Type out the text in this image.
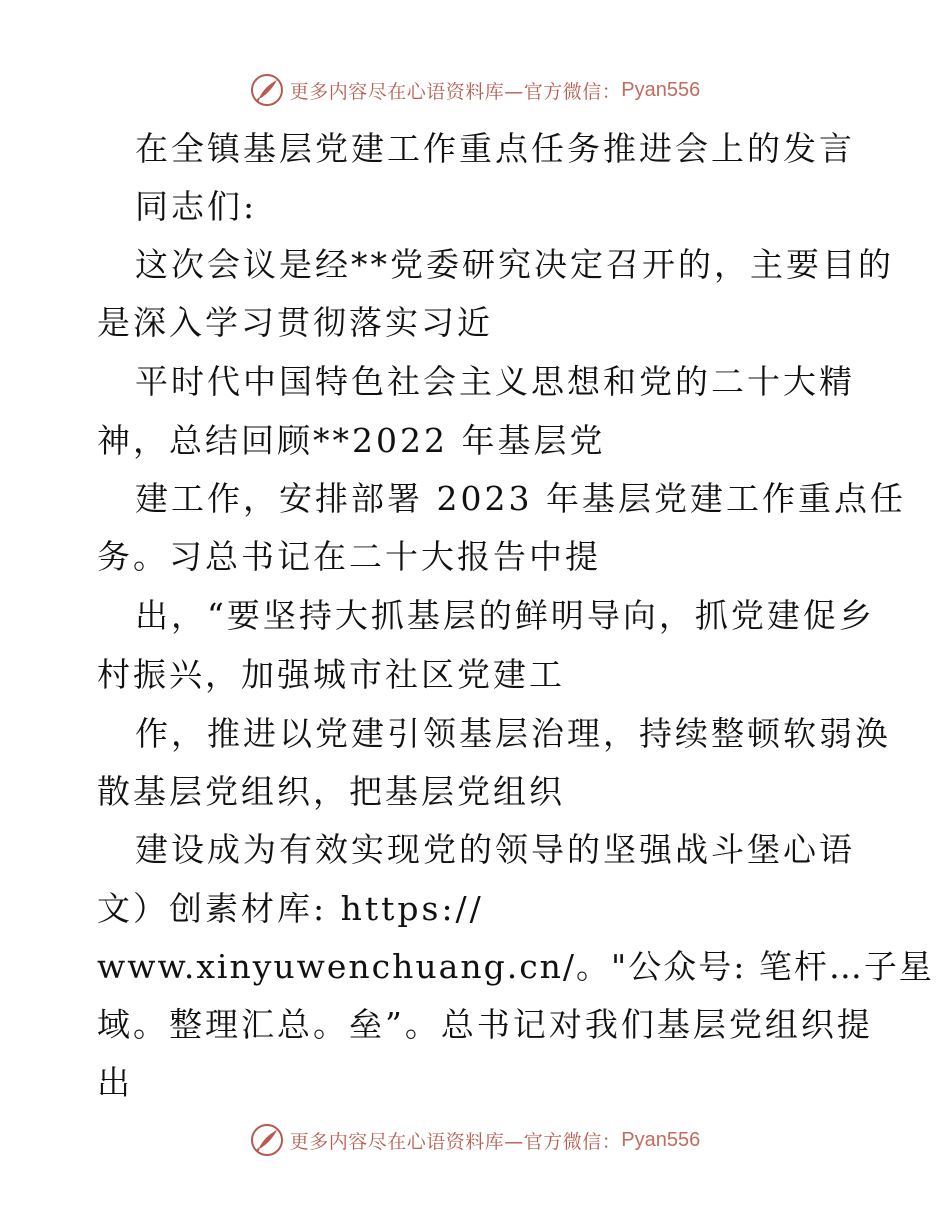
更多内容尽在心语资料库—官方微信： Pyan556
在全镇基层党建工作重点任务推进会上的发言
同志们:
这次会议是经**党委研究决定召开的，主要目的
是深入学习贯彻落实习近
平时代中国特色社会主义思想和党的二十大精
神，总结回顾**2022 年基层党
建工作，安排部署 2023 年基层党建工作重点任
务。习总书记在二十大报告中提
出，“要坚持大抓基层的鲜明导向，抓党建促乡
村振兴，加强城市社区党建工
作，推进以党建引领基层治理，持续整顿软弱涣
散基层党组织，把基层党组织
建设成为有效实现党的领导的坚强战斗堡心语
文）创素材库: https://
www.xinyuwenchuang.cn/。"公众号: 笔杆…子星
域。整理汇总。垒”。总书记对我们基层党组织提
出
更多内容尽在心语资料库—官方微信： Pyan556
